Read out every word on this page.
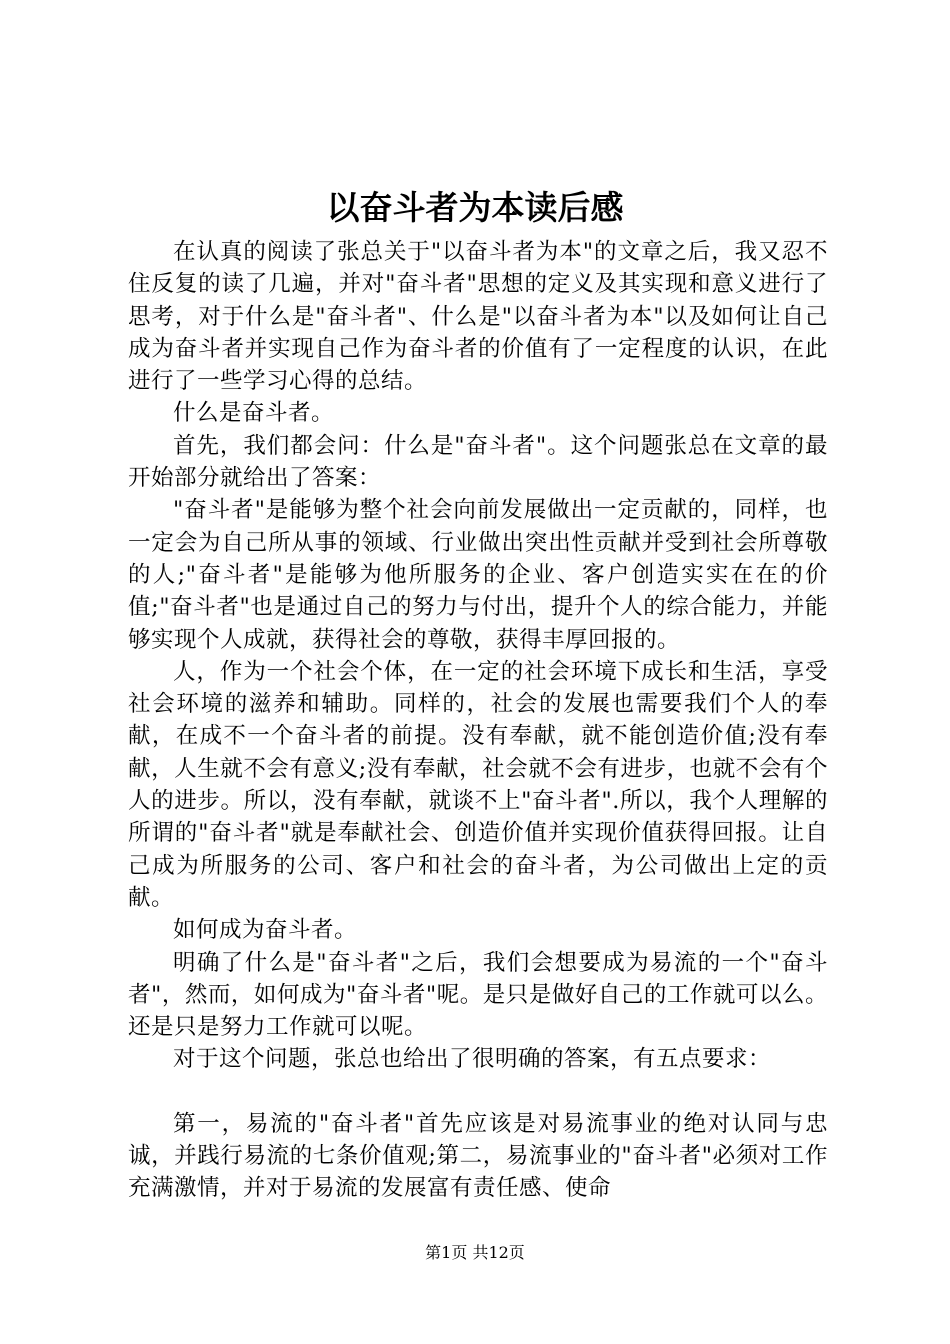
以奋斗者为本读后感

在认真的阅读了张总关于"以奋斗者为本"的文章之后，我又忍不住反复的读了几遍，并对"奋斗者"思想的定义及其实现和意义进行了思考，对于什么是"奋斗者"、什么是"以奋斗者为本"以及如何让自己成为奋斗者并实现自己作为奋斗者的价值有了一定程度的认识，在此进行了一些学习心得的总结。

什么是奋斗者。

首先，我们都会问：什么是"奋斗者"。这个问题张总在文章的最开始部分就给出了答案：

"奋斗者"是能够为整个社会向前发展做出一定贡献的，同样，也一定会为自己所从事的领域、行业做出突出性贡献并受到社会所尊敬的人;"奋斗者"是能够为他所服务的企业、客户创造实实在在的价值;"奋斗者"也是通过自己的努力与付出，提升个人的综合能力，并能够实现个人成就，获得社会的尊敬，获得丰厚回报的。

人，作为一个社会个体，在一定的社会环境下成长和生活，享受社会环境的滋养和辅助。同样的，社会的发展也需要我们个人的奉献，在成不一个奋斗者的前提。没有奉献，就不能创造价值;没有奉献，人生就不会有意义;没有奉献，社会就不会有进步，也就不会有个人的进步。所以，没有奉献，就谈不上"奋斗者".所以，我个人理解的所谓的"奋斗者"就是奉献社会、创造价值并实现价值获得回报。让自己成为所服务的公司、客户和社会的奋斗者，为公司做出上定的贡献。

如何成为奋斗者。

明确了什么是"奋斗者"之后，我们会想要成为易流的一个"奋斗者"，然而，如何成为"奋斗者"呢。是只是做好自己的工作就可以么。还是只是努力工作就可以呢。

对于这个问题，张总也给出了很明确的答案，有五点要求：

第一，易流的"奋斗者"首先应该是对易流事业的绝对认同与忠诚，并践行易流的七条价值观;第二，易流事业的"奋斗者"必须对工作充满激情，并对于易流的发展富有责任感、使命

第1页 共12页
